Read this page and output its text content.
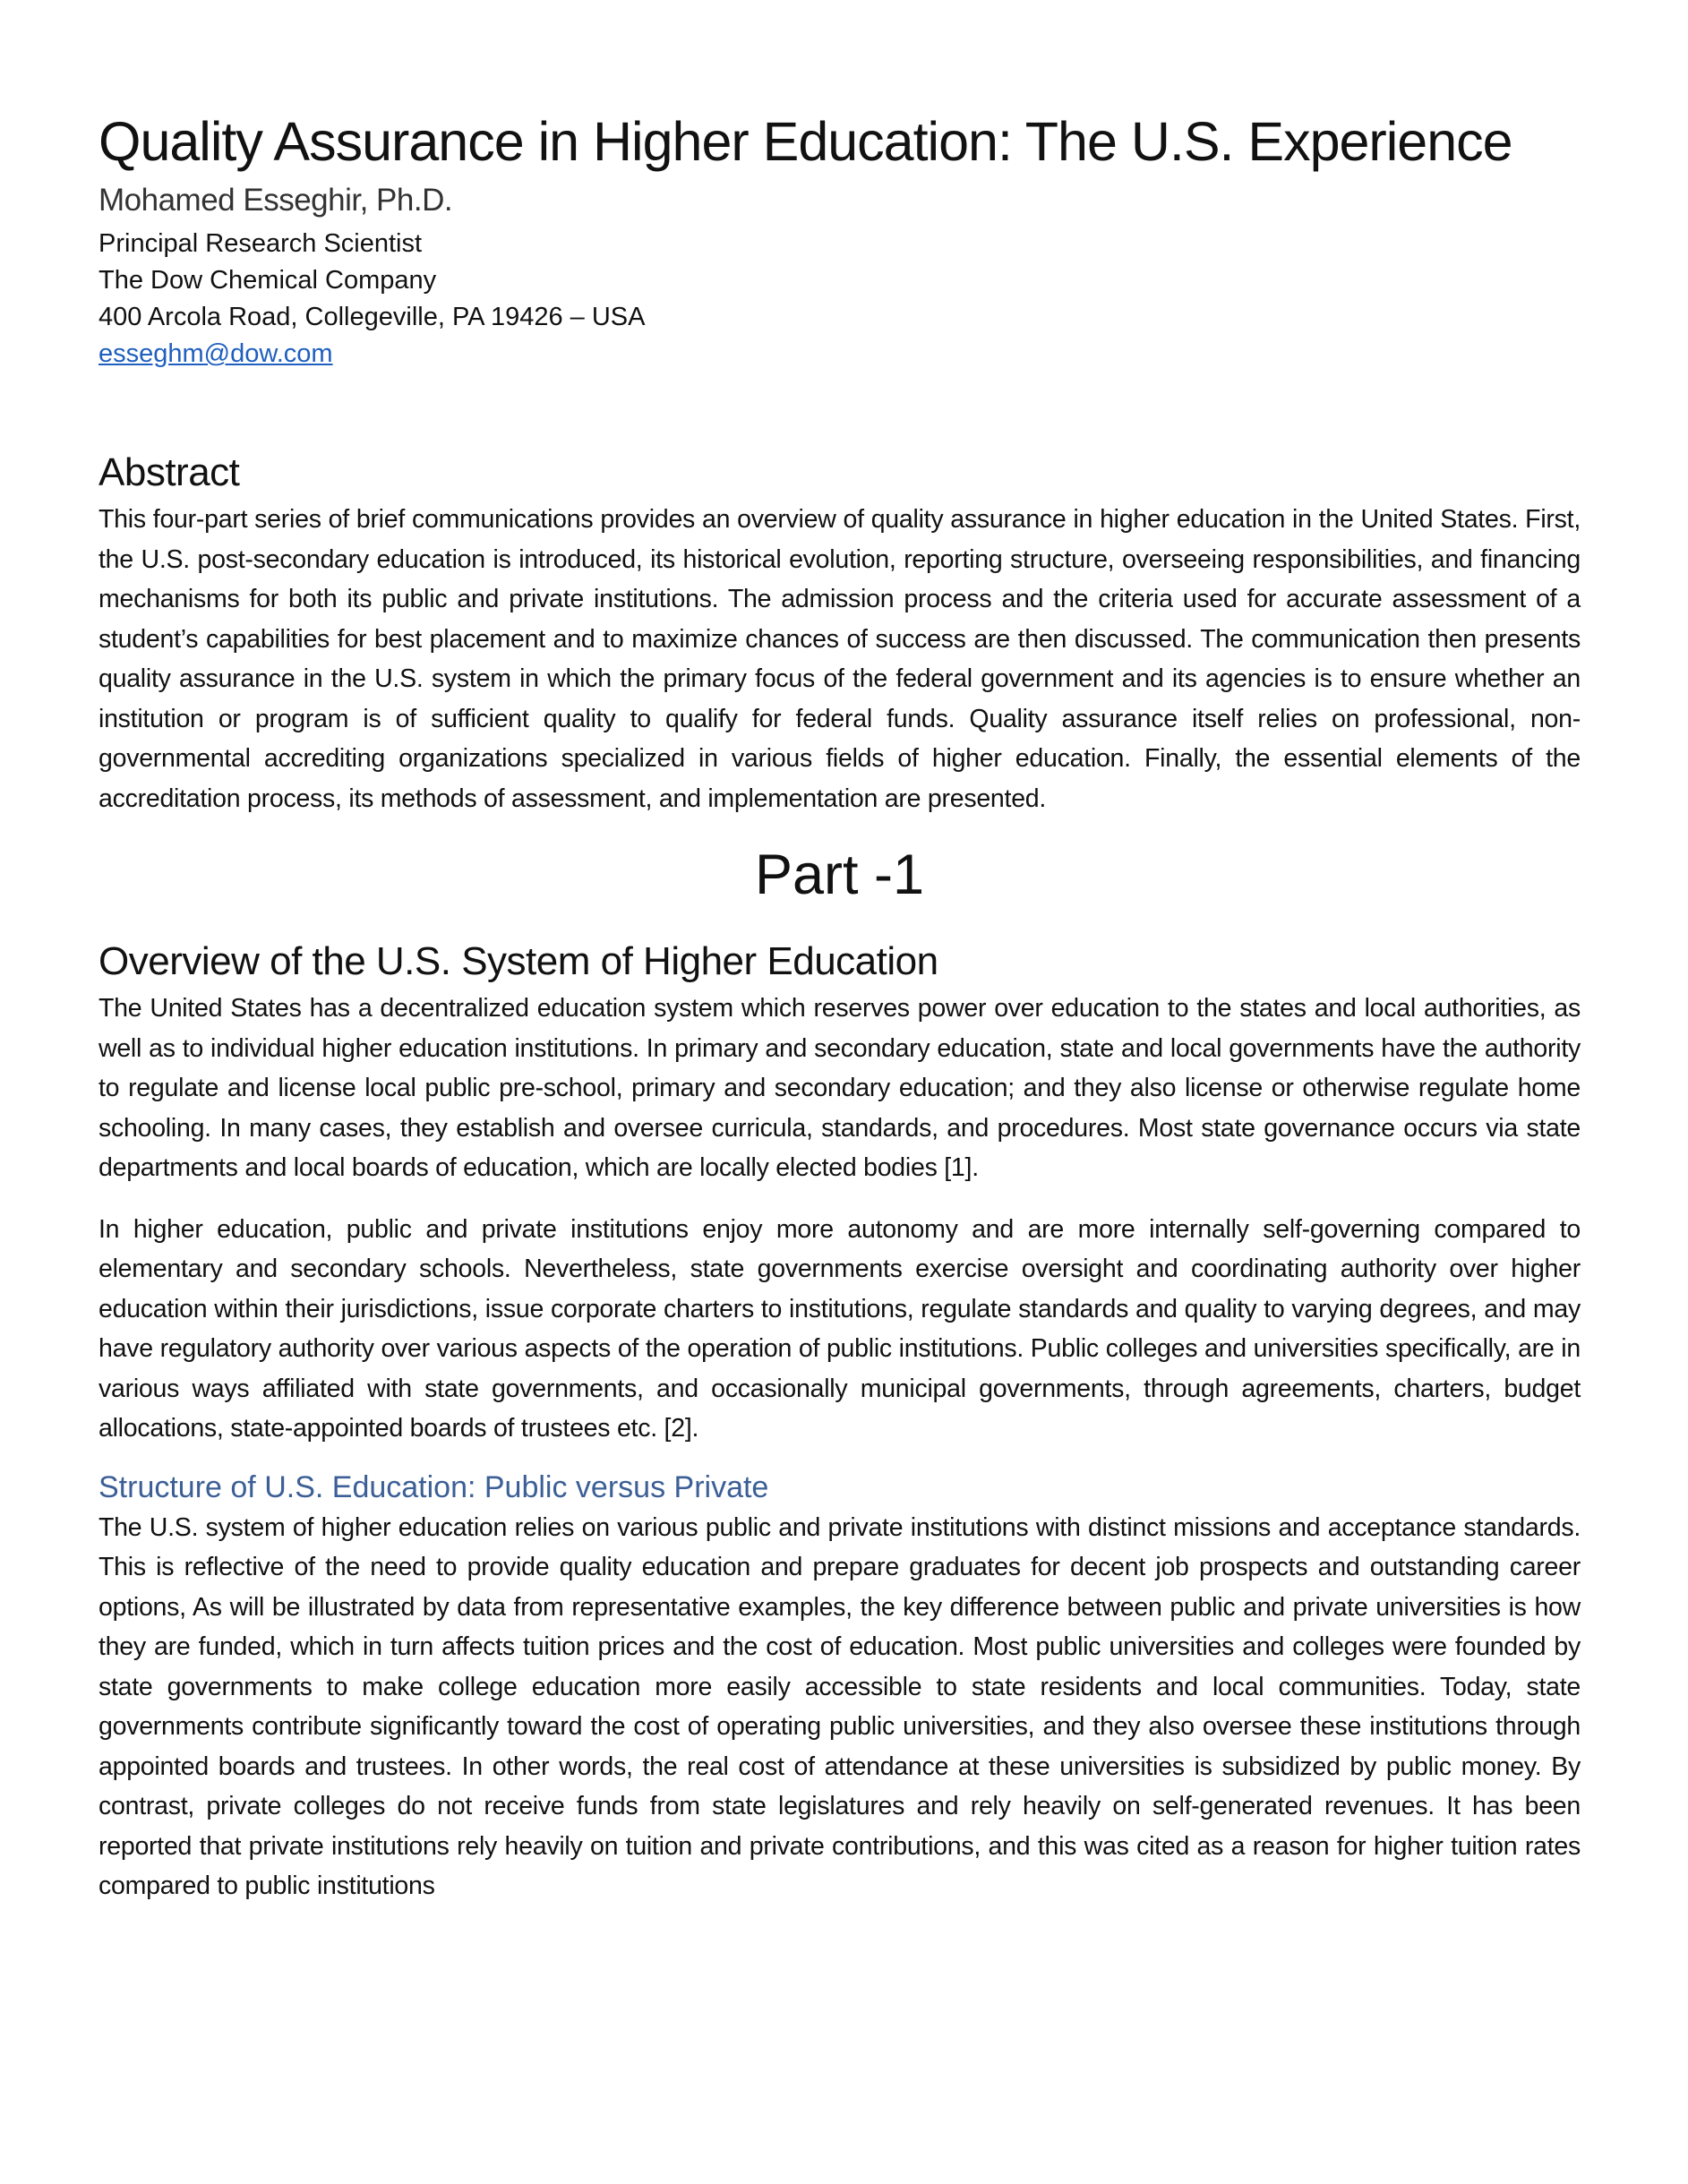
Quality Assurance in Higher Education: The U.S. Experience
Mohamed Esseghir, Ph.D.
Principal Research Scientist
The Dow Chemical Company
400 Arcola Road, Collegeville, PA 19426 – USA
esseghm@dow.com
Abstract

This four-part series of brief communications provides an overview of quality assurance in higher education in the United States. First, the U.S. post-secondary education is introduced, its historical evolution, reporting structure, overseeing responsibilities, and financing mechanisms for both its public and private institutions. The admission process and the criteria used for accurate assessment of a student’s capabilities for best placement and to maximize chances of success are then discussed. The communication then presents quality assurance in the U.S. system in which the primary focus of the federal government and its agencies is to ensure whether an institution or program is of sufficient quality to qualify for federal funds. Quality assurance itself relies on professional, non-governmental accrediting organizations specialized in various fields of higher education. Finally, the essential elements of the accreditation process, its methods of assessment, and implementation are presented.

Part -1
Overview of the U.S. System of Higher Education

The United States has a decentralized education system which reserves power over education to the states and local authorities, as well as to individual higher education institutions. In primary and secondary education, state and local governments have the authority to regulate and license local public pre-school, primary and secondary education; and they also license or otherwise regulate home schooling. In many cases, they establish and oversee curricula, standards, and procedures. Most state governance occurs via state departments and local boards of education, which are locally elected bodies [1].

In higher education, public and private institutions enjoy more autonomy and are more internally self-governing compared to elementary and secondary schools. Nevertheless, state governments exercise oversight and coordinating authority over higher education within their jurisdictions, issue corporate charters to institutions, regulate standards and quality to varying degrees, and may have regulatory authority over various aspects of the operation of public institutions. Public colleges and universities specifically, are in various ways affiliated with state governments, and occasionally municipal governments, through agreements, charters, budget allocations, state-appointed boards of trustees etc. [2].

Structure of U.S. Education: Public versus Private

The U.S. system of higher education relies on various public and private institutions with distinct missions and acceptance standards. This is reflective of the need to provide quality education and prepare graduates for decent job prospects and outstanding career options, As will be illustrated by data from representative examples, the key difference between public and private universities is how they are funded, which in turn affects tuition prices and the cost of education. Most public universities and colleges were founded by state governments to make college education more easily accessible to state residents and local communities. Today, state governments contribute significantly toward the cost of operating public universities, and they also oversee these institutions through appointed boards and trustees. In other words, the real cost of attendance at these universities is subsidized by public money. By contrast, private colleges do not receive funds from state legislatures and rely heavily on self-generated revenues. It has been reported that private institutions rely heavily on tuition and private contributions, and this was cited as a reason for higher tuition rates compared to public institutions
